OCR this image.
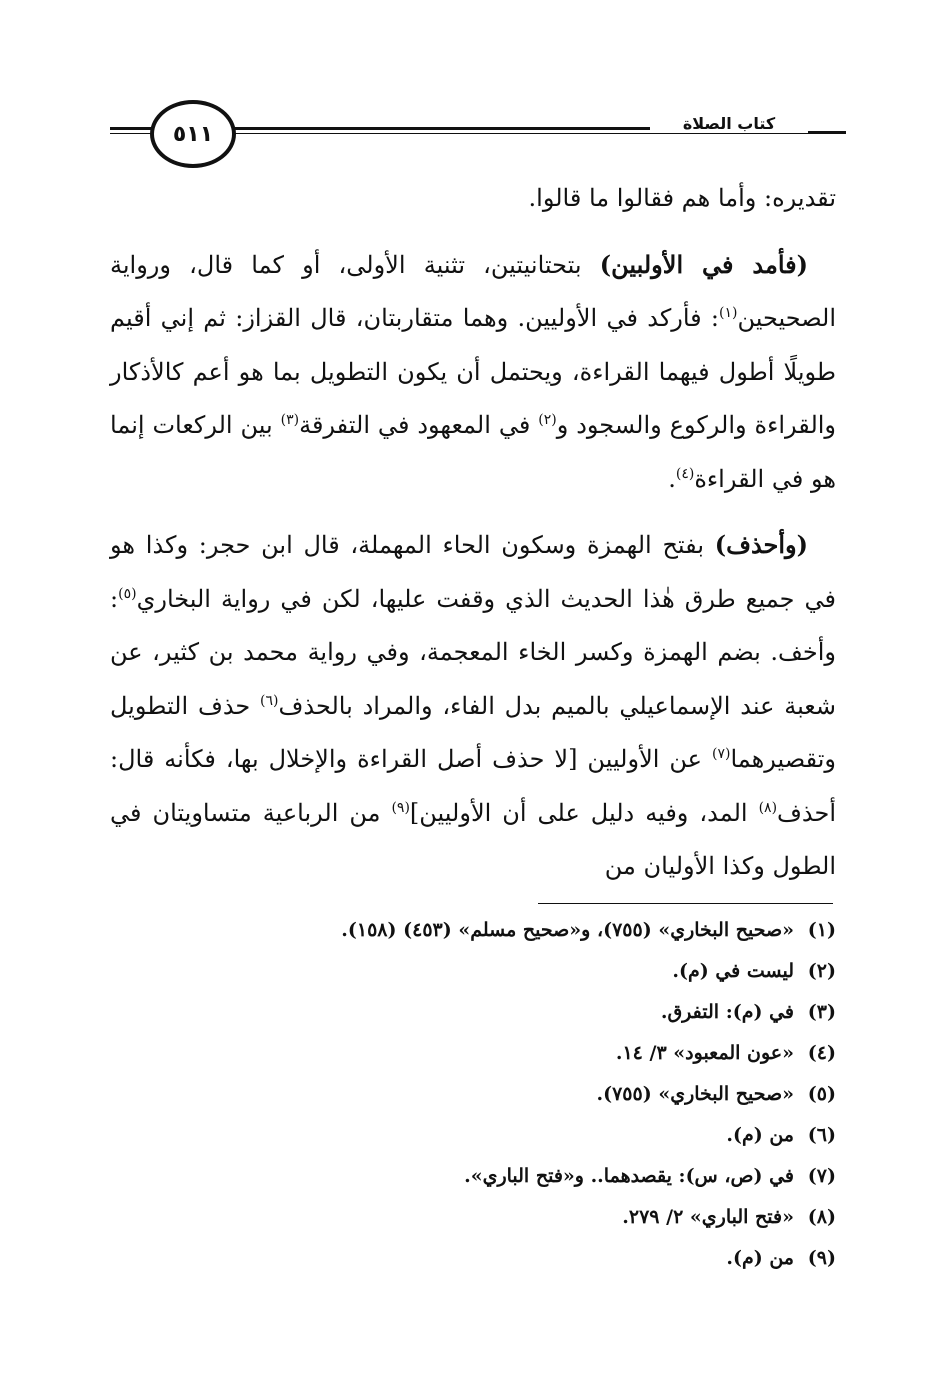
كتاب الصلاة
٥١١

تقديره: وأما هم فقالوا ما قالوا.

(فأمد في الأولبين) بتحتانيتين، تثنية الأولى، أو كما قال، ورواية الصحيحين$^{(١)}$: فأركد في الأوليين. وهما متقاربتان، قال القزاز: ثم إني أقيم طويلًا أطول فيهما القراءة، ويحتمل أن يكون التطويل بما هو أعم كالأذكار والقراءة والركوع والسجود و$^{(٢)}$ في المعهود في التفرقة$^{(٣)}$ بين الركعات إنما هو في القراءة$^{(٤)}$.

(وأحذف) بفتح الهمزة وسكون الحاء المهملة، قال ابن حجر: وكذا هو في جميع طرق هٰذا الحديث الذي وقفت عليها، لكن في رواية البخاري$^{(٥)}$: وأخف. بضم الهمزة وكسر الخاء المعجمة، وفي رواية محمد بن كثير، عن شعبة عند الإسماعيلي بالميم بدل الفاء، والمراد بالحذف$^{(٦)}$ حذف التطويل وتقصيرهما$^{(٧)}$ عن الأوليين [لا حذف أصل القراءة والإخلال بها، فكأنه قال: أحذف$^{(٨)}$ المد، وفيه دليل على أن الأوليين]$^{(٩)}$ من الرباعية متساويتان في الطول وكذا الأوليان من

(١)«صحيح البخاري» (٧٥٥)، و«صحيح مسلم» (٤٥٣) (١٥٨).
(٢)ليست في (م).
(٣)في (م): التفرق.
(٤)«عون المعبود» ٣/ ١٤.
(٥)«صحيح البخاري» (٧٥٥).
(٦)من (م).
(٧)في (ص، س): يقصدهما.. و«فتح الباري».
(٨)«فتح الباري» ٢/ ٢٧٩.
(٩)من (م).
